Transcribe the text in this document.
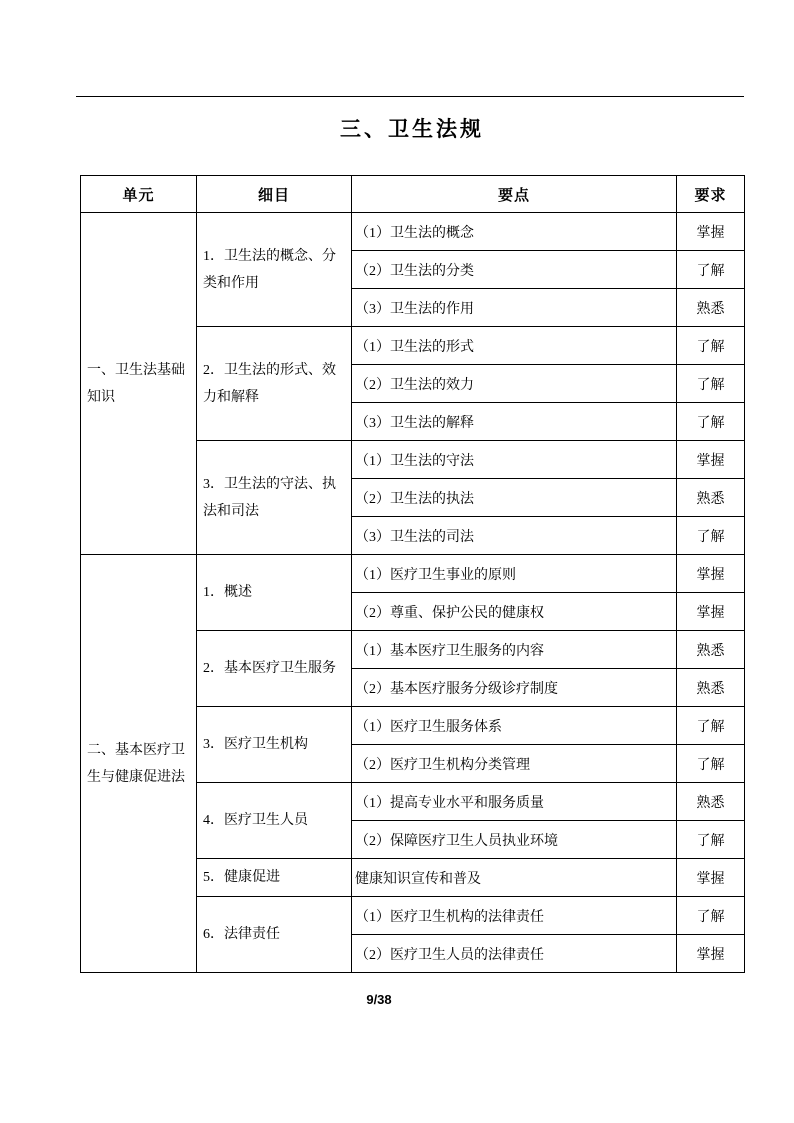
三、卫生法规
单元	细目	要点	要求
一、卫生法基础知识	1．卫生法的概念、分类和作用	（1）卫生法的概念	掌握
		（2）卫生法的分类	了解
		（3）卫生法的作用	熟悉
	2．卫生法的形式、效力和解释	（1）卫生法的形式	了解
		（2）卫生法的效力	了解
		（3）卫生法的解释	了解
	3．卫生法的守法、执法和司法	（1）卫生法的守法	掌握
		（2）卫生法的执法	熟悉
		（3）卫生法的司法	了解
二、基本医疗卫生与健康促进法	1．概述	（1）医疗卫生事业的原则	掌握
		（2）尊重、保护公民的健康权	掌握
	2．基本医疗卫生服务	（1）基本医疗卫生服务的内容	熟悉
		（2）基本医疗服务分级诊疗制度	熟悉
	3．医疗卫生机构	（1）医疗卫生服务体系	了解
		（2）医疗卫生机构分类管理	了解
	4．医疗卫生人员	（1）提高专业水平和服务质量	熟悉
		（2）保障医疗卫生人员执业环境	了解
	5．健康促进	健康知识宣传和普及	掌握
	6．法律责任	（1）医疗卫生机构的法律责任	了解
		（2）医疗卫生人员的法律责任	掌握
9/38
